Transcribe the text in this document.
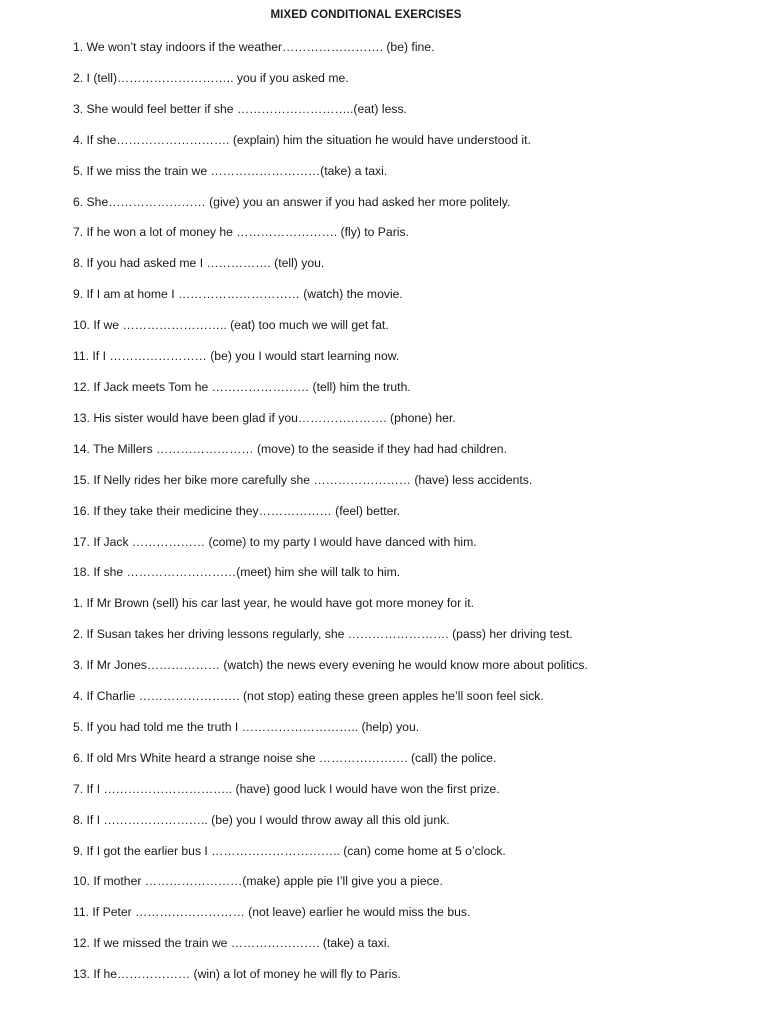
MIXED CONDITIONAL EXERCISES
1. We won’t stay indoors if the weather……………………. (be) fine.
2. I (tell)……………………….. you if you asked me.
3. She would feel better if she ………………………..(eat) less.
4. If she………………………. (explain) him the situation he would have understood it.
5. If we miss the train we ………………………(take) a taxi.
6. She…………………… (give) you an answer if you had asked her more politely.
7. If he won a lot of money he ……………………. (fly) to Paris.
8. If you had asked me I ……………. (tell) you.
9. If I am at home I ………………………… (watch) the movie.
10. If we …………………….. (eat) too much we will get fat.
11. If I …………………… (be) you I would start learning now.
12. If Jack meets Tom he …………………… (tell) him the truth.
13. His sister would have been glad if you…………………. (phone) her.
14. The Millers …………………… (move) to the seaside if they had had children.
15. If Nelly rides her bike more carefully she …………………… (have) less accidents.
16. If they take their medicine they……………… (feel) better.
17. If Jack ……………… (come) to my party I would have danced with him.
18. If she ………………………(meet) him she will talk to him.
1. If Mr Brown (sell) his car last year, he would have got more money for it.
2. If Susan takes her driving lessons regularly, she ……………………. (pass) her driving test.
3. If Mr Jones……………… (watch) the news every evening he would know more about politics.
4. If Charlie ……………………. (not stop) eating these green apples he’ll soon feel sick.
5. If you had told me the truth I ……………………….. (help) you.
6. If old Mrs White heard a strange noise she …………………. (call) the police.
7. If I ………………………….. (have) good luck I would have won the first prize.
8. If I …………………….. (be) you I would throw away all this old junk.
9. If I got the earlier bus I ………………………….. (can) come home at 5 o’clock.
10. If mother ……………………(make) apple pie I’ll give you a piece.
11. If Peter ……………………… (not leave) earlier he would miss the bus.
12. If we missed the train we …………………. (take) a taxi.
13. If he……………… (win) a lot of money he will fly to Paris.
